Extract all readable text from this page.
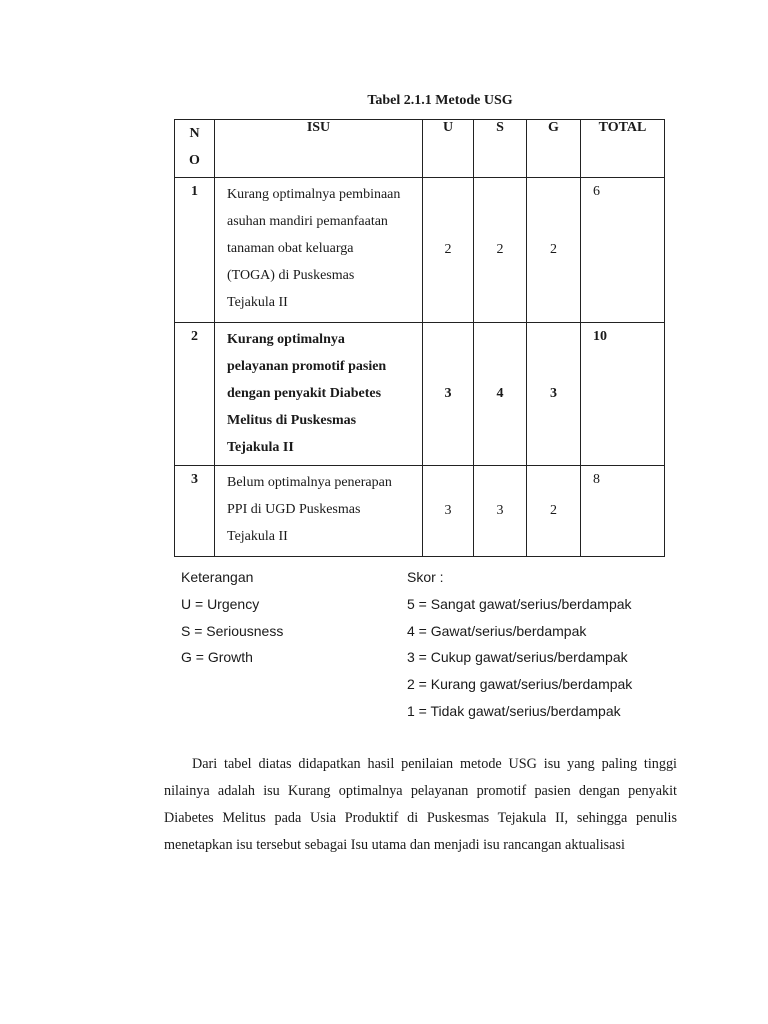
Tabel 2.1.1 Metode USG
N
O	ISU	U	S	G	TOTAL
1	Kurang optimalnya pembinaan
asuhan mandiri pemanfaatan
tanaman obat keluarga
(TOGA) di Puskesmas
Tejakula II	2	2	2	6
2	Kurang optimalnya
pelayanan promotif pasien
dengan penyakit Diabetes
Melitus di Puskesmas
Tejakula II	3	4	3	10
3	Belum optimalnya penerapan
PPI di UGD Puskesmas
Tejakula II	3	3	2	8
Keterangan
U = Urgency
S = Seriousness
G = Growth
Skor :
5 = Sangat gawat/serius/berdampak
4 = Gawat/serius/berdampak
3 = Cukup gawat/serius/berdampak
2 = Kurang gawat/serius/berdampak
1 = Tidak gawat/serius/berdampak
Dari tabel diatas didapatkan hasil penilaian metode USG isu yang paling tinggi nilainya adalah isu Kurang optimalnya pelayanan promotif pasien dengan penyakit Diabetes Melitus pada Usia Produktif di Puskesmas Tejakula II, sehingga penulis menetapkan isu tersebut sebagai Isu utama dan menjadi isu rancangan aktualisasi
